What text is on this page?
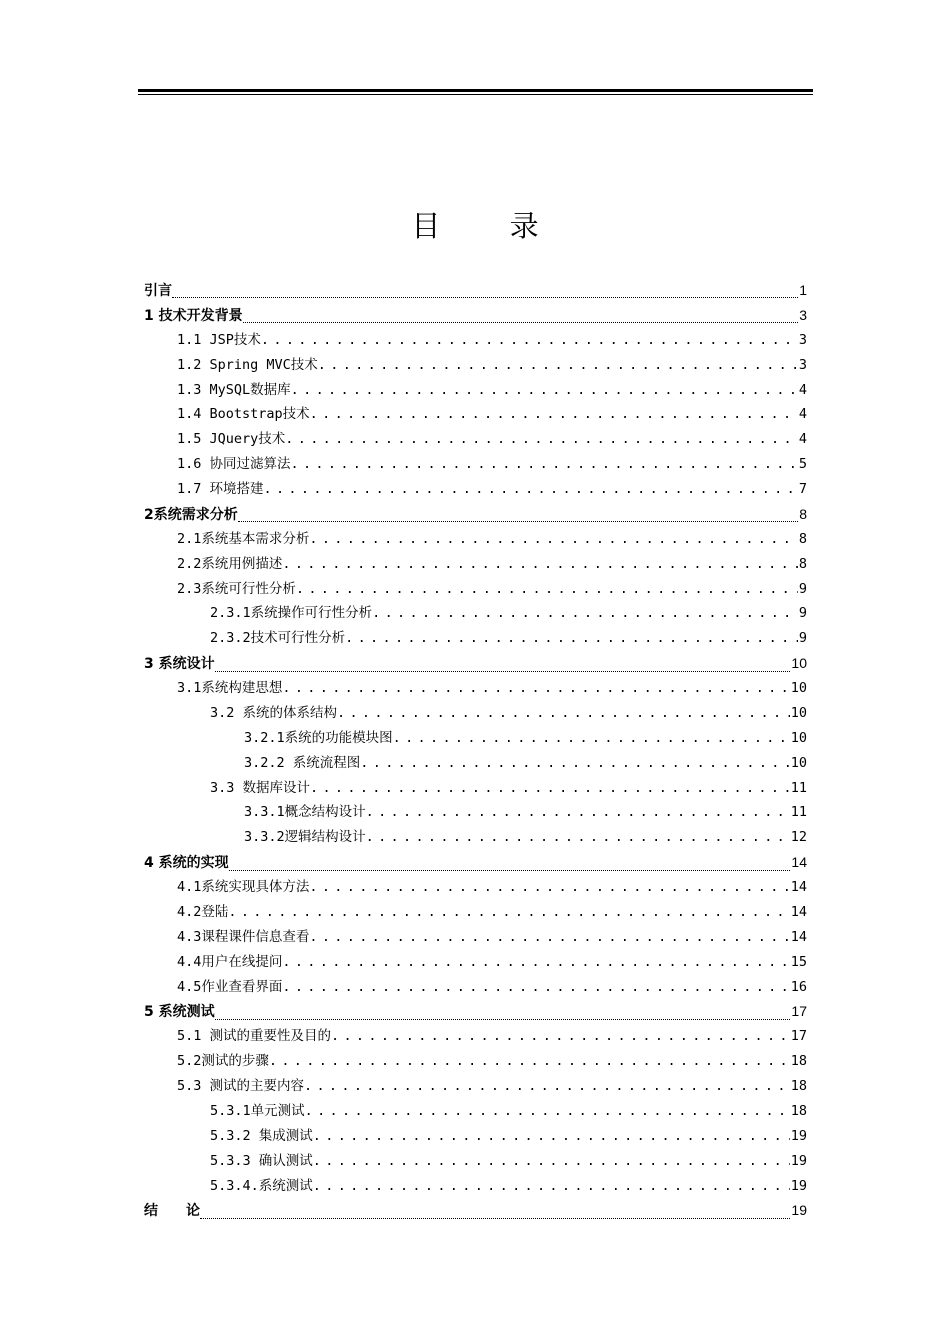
目 录
引言	1
1 技术开发背景	3
1.1 JSP技术 . . .	3
1.2 Spring MVC技术 . . .	3
1.3 MySQL数据库 . . .	4
1.4 Bootstrap技术 . . .	4
1.5 JQuery技术 . . .	4
1.6 协同过滤算法 . . .	5
1.7 环境搭建 . . .	7
2系统需求分析	8
2.1系统基本需求分析 . . .	8
2.2系统用例描述 . . .	8
2.3系统可行性分析 . . .	9
2.3.1系统操作可行性分析 . . .	9
2.3.2技术可行性分析 . . .	9
3 系统设计	10
3.1系统构建思想 . . .	10
3.2 系统的体系结构 . . .	10
3.2.1系统的功能模块图 . . .	10
3.2.2 系统流程图 . . .	10
3.3 数据库设计 . . .	11
3.3.1概念结构设计 . . .	11
3.3.2逻辑结构设计 . . .	12
4 系统的实现	14
4.1系统实现具体方法 . . .	14
4.2登陆 . . .	14
4.3课程课件信息查看 . . .	14
4.4用户在线提问 . . .	15
4.5作业查看界面 . . .	16
5 系统测试	17
5.1 测试的重要性及目的 . . .	17
5.2测试的步骤 . . .	18
5.3 测试的主要内容 . . .	18
5.3.1单元测试 . . .	18
5.3.2 集成测试 . . .	19
5.3.3 确认测试 . . .	19
5.3.4.系统测试 . . .	19
结　　论	19
